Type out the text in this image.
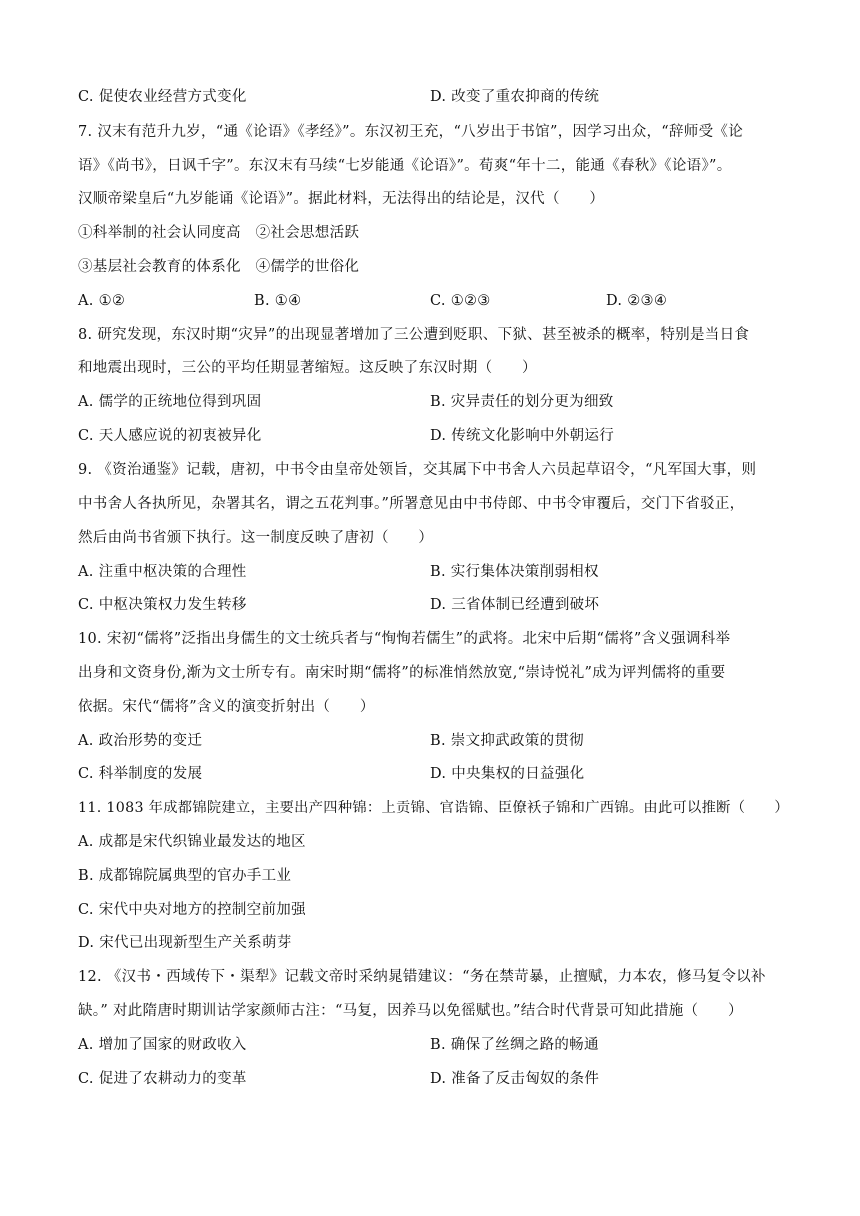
C. 促使农业经营方式变化	D. 改变了重农抑商的传统
7. 汉末有范升九岁，“通《论语》《孝经》”。东汉初王充，“八岁出于书馆”，因学习出众，“辞师受《论
语》《尚书》，日讽千字”。东汉末有马续“七岁能通《论语》”。荀爽“年十二，能通《春秋》《论语》”。
汉顺帝梁皇后“九岁能诵《论语》”。据此材料，无法得出的结论是，汉代（　　）
①科举制的社会认同度高　②社会思想活跃
③基层社会教育的体系化　④儒学的世俗化
A. ①②	B. ①④	C. ①②③	D. ②③④
8. 研究发现，东汉时期“灾异”的出现显著增加了三公遭到贬职、下狱、甚至被杀的概率，特别是当日食
和地震出现时，三公的平均任期显著缩短。这反映了东汉时期（　　）
A. 儒学的正统地位得到巩固	B. 灾异责任的划分更为细致
C. 天人感应说的初衷被异化	D. 传统文化影响中外朝运行
9. 《资治通鉴》记载，唐初，中书令由皇帝处领旨，交其属下中书舍人六员起草诏令，“凡军国大事，则
中书舍人各执所见，杂署其名，谓之五花判事。”所署意见由中书侍郎、中书令审覆后，交门下省驳正，
然后由尚书省颁下执行。这一制度反映了唐初（　　）
A. 注重中枢决策的合理性	B. 实行集体决策削弱相权
C. 中枢决策权力发生转移	D. 三省体制已经遭到破坏
10. 宋初“儒将”泛指出身儒生的文士统兵者与“恂恂若儒生”的武将。北宋中后期“儒将”含义强调科举
出身和文资身份,渐为文士所专有。南宋时期“儒将”的标准悄然放宽,“崇诗悦礼”成为评判儒将的重要
依据。宋代“儒将”含义的演变折射出（　　）
A. 政治形势的变迁	B. 崇文抑武政策的贯彻
C. 科举制度的发展	D. 中央集权的日益强化
11. 1083 年成都锦院建立，主要出产四种锦：上贡锦、官诰锦、臣僚袄子锦和广西锦。由此可以推断（　　）
A. 成都是宋代织锦业最发达的地区
B. 成都锦院属典型的官办手工业
C. 宋代中央对地方的控制空前加强
D. 宋代已出现新型生产关系萌芽
12. 《汉书・西域传下・渠犁》记载文帝时采纳晁错建议：“务在禁苛暴，止擅赋，力本农，修马复令以补
缺。” 对此隋唐时期训诂学家颜师古注：“马复，因养马以免徭赋也。”结合时代背景可知此措施（　　）
A. 增加了国家的财政收入	B. 确保了丝绸之路的畅通
C. 促进了农耕动力的变革	D. 准备了反击匈奴的条件
